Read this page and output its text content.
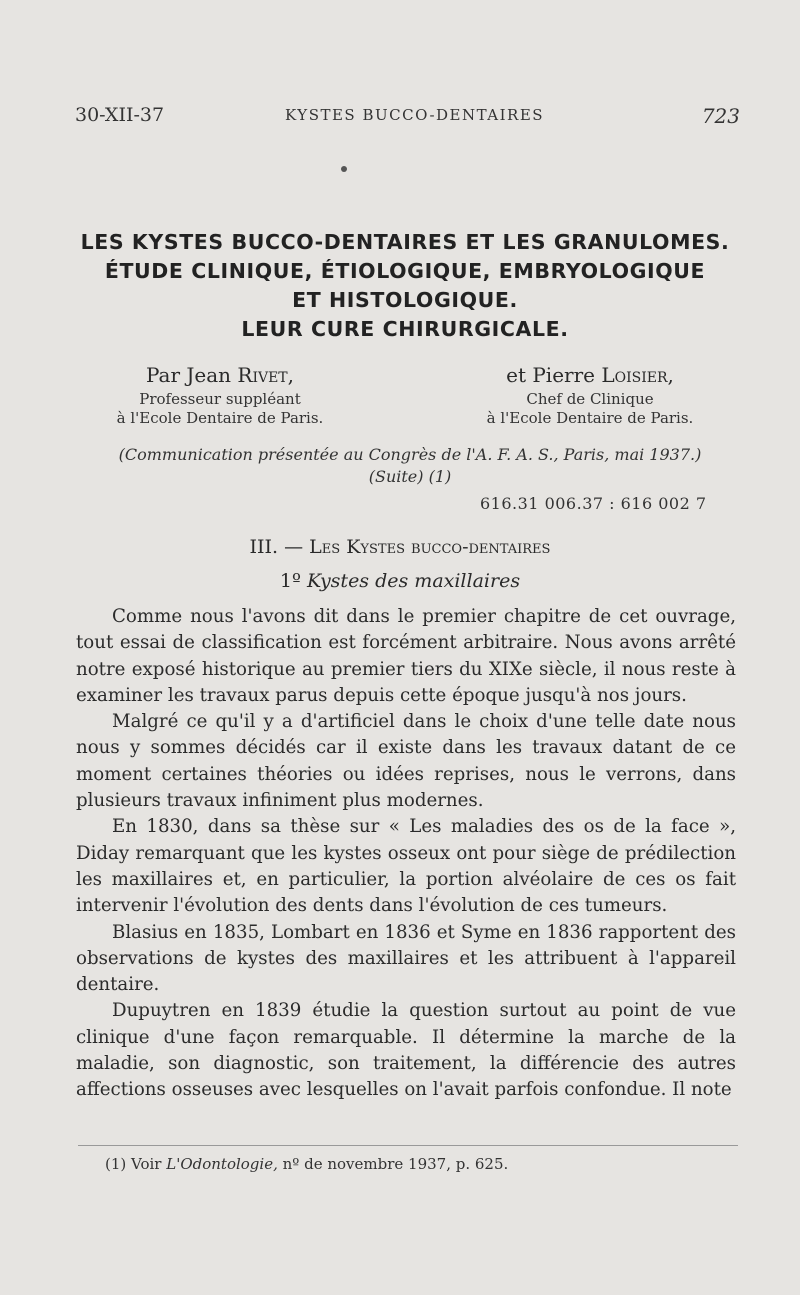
30-XII-37	KYSTES BUCCO-DENTAIRES	723
LES KYSTES BUCCO-DENTAIRES ET LES GRANULOMES.
ÉTUDE CLINIQUE, ÉTIOLOGIQUE, EMBRYOLOGIQUE
ET HISTOLOGIQUE.
LEUR CURE CHIRURGICALE.
Par Jean Rivet,
Professeur suppléant
à l'Ecole Dentaire de Paris.
et Pierre Loisier,
Chef de Clinique
à l'Ecole Dentaire de Paris.
(Communication présentée au Congrès de l'A. F. A. S., Paris, mai 1937.)
(Suite) (1)
616.31 006.37 : 616 002 7
III. — Les Kystes bucco-dentaires
1º Kystes des maxillaires

Comme nous l'avons dit dans le premier chapitre de cet ouvrage, tout essai de classification est forcément arbitraire. Nous avons arrêté notre exposé historique au premier tiers du XIXe siècle, il nous reste à examiner les travaux parus depuis cette époque jusqu'à nos jours.

Malgré ce qu'il y a d'artificiel dans le choix d'une telle date nous nous y sommes décidés car il existe dans les travaux datant de ce moment certaines théories ou idées reprises, nous le verrons, dans plusieurs travaux infiniment plus modernes.

En 1830, dans sa thèse sur « Les maladies des os de la face », Diday remarquant que les kystes osseux ont pour siège de prédilection les maxillaires et, en particulier, la portion alvéolaire de ces os fait intervenir l'évolution des dents dans l'évolution de ces tumeurs.

Blasius en 1835, Lombart en 1836 et Syme en 1836 rapportent des observations de kystes des maxillaires et les attribuent à l'appareil dentaire.

Dupuytren en 1839 étudie la question surtout au point de vue clinique d'une façon remarquable. Il détermine la marche de la maladie, son diagnostic, son traitement, la différencie des autres affections osseuses avec lesquelles on l'avait parfois confondue. Il note

(1) Voir L'Odontologie, nº de novembre 1937, p. 625.
